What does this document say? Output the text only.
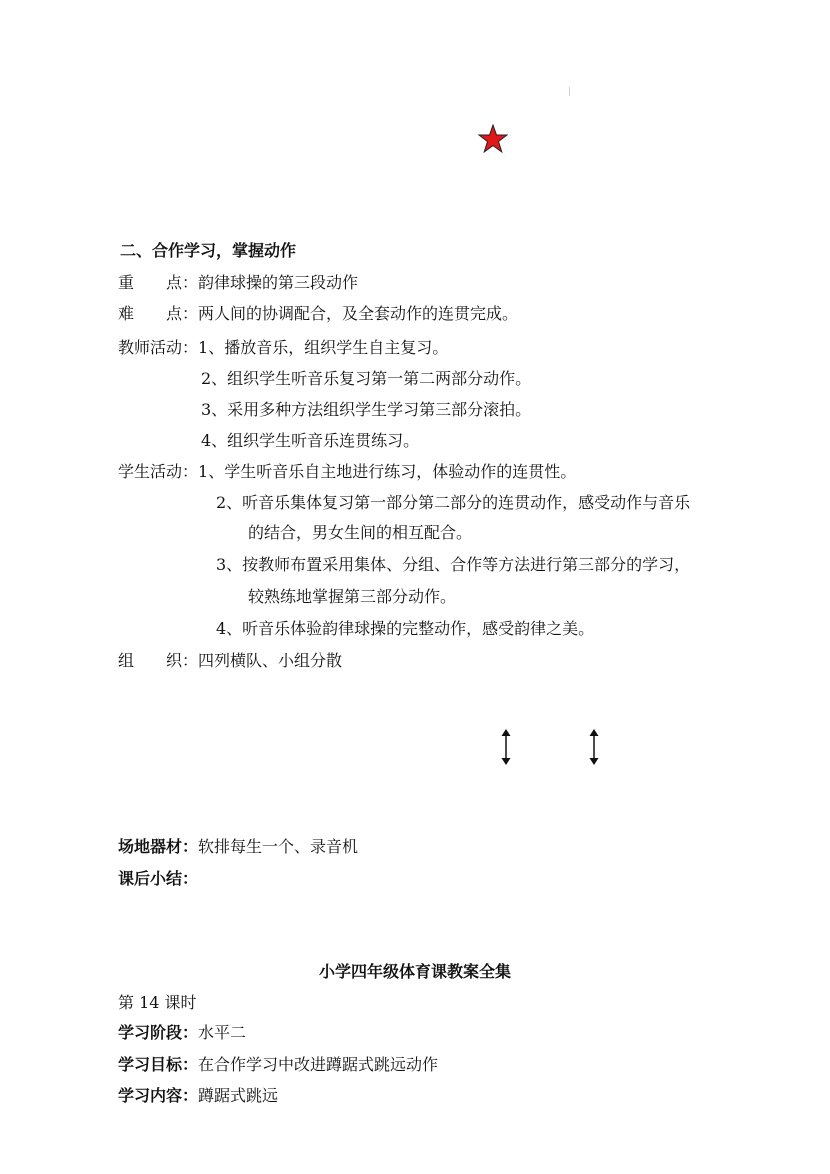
二、合作学习，掌握动作
重　　点：韵律球操的第三段动作
难　　点：两人间的协调配合，及全套动作的连贯完成。
教师活动：1、播放音乐，组织学生自主复习。
2、组织学生听音乐复习第一第二两部分动作。
3、采用多种方法组织学生学习第三部分滚拍。
4、组织学生听音乐连贯练习。
学生活动：1、学生听音乐自主地进行练习，体验动作的连贯性。
2、听音乐集体复习第一部分第二部分的连贯动作，感受动作与音乐
的结合，男女生间的相互配合。
3、按教师布置采用集体、分组、合作等方法进行第三部分的学习，
较熟练地掌握第三部分动作。
4、听音乐体验韵律球操的完整动作，感受韵律之美。
组　　织：四列横队、小组分散
场地器材：软排每生一个、录音机
课后小结：
小学四年级体育课教案全集
第 14 课时
学习阶段：水平二
学习目标：在合作学习中改进蹲踞式跳远动作
学习内容：蹲踞式跳远
